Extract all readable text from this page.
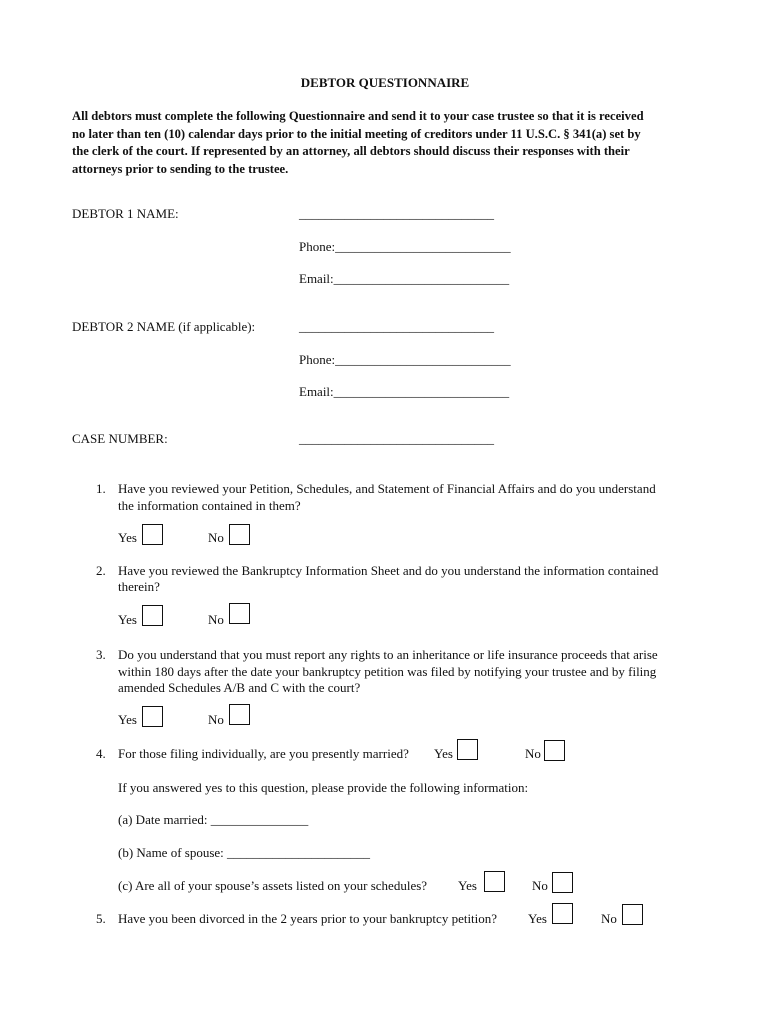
DEBTOR QUESTIONNAIRE
All debtors must complete the following Questionnaire and send it to your case trustee so that it is received
no later than ten (10) calendar days prior to the initial meeting of creditors under 11 U.S.C. § 341(a) set by
the clerk of the court. If represented by an attorney, all debtors should discuss their responses with their
attorneys prior to sending to the trustee.
DEBTOR 1 NAME:	______________________________
Phone:___________________________
Email:___________________________
DEBTOR 2 NAME (if applicable):	______________________________
Phone:___________________________
Email:___________________________
CASE NUMBER:	______________________________
1. Have you reviewed your Petition, Schedules, and Statement of Financial Affairs and do you understand
the information contained in them?
Yes	No
2. Have you reviewed the Bankruptcy Information Sheet and do you understand the information contained
therein?
Yes	No
3. Do you understand that you must report any rights to an inheritance or life insurance proceeds that arise
within 180 days after the date your bankruptcy petition was filed by notifying your trustee and by filing
amended Schedules A/B and C with the court?
Yes	No
4. For those filing individually, are you presently married? Yes	No
If you answered yes to this question, please provide the following information:
(a) Date married: _______________
(b) Name of spouse: ______________________
(c) Are all of your spouse’s assets listed on your schedules? Yes	No
5. Have you been divorced in the 2 years prior to your bankruptcy petition? Yes	No
